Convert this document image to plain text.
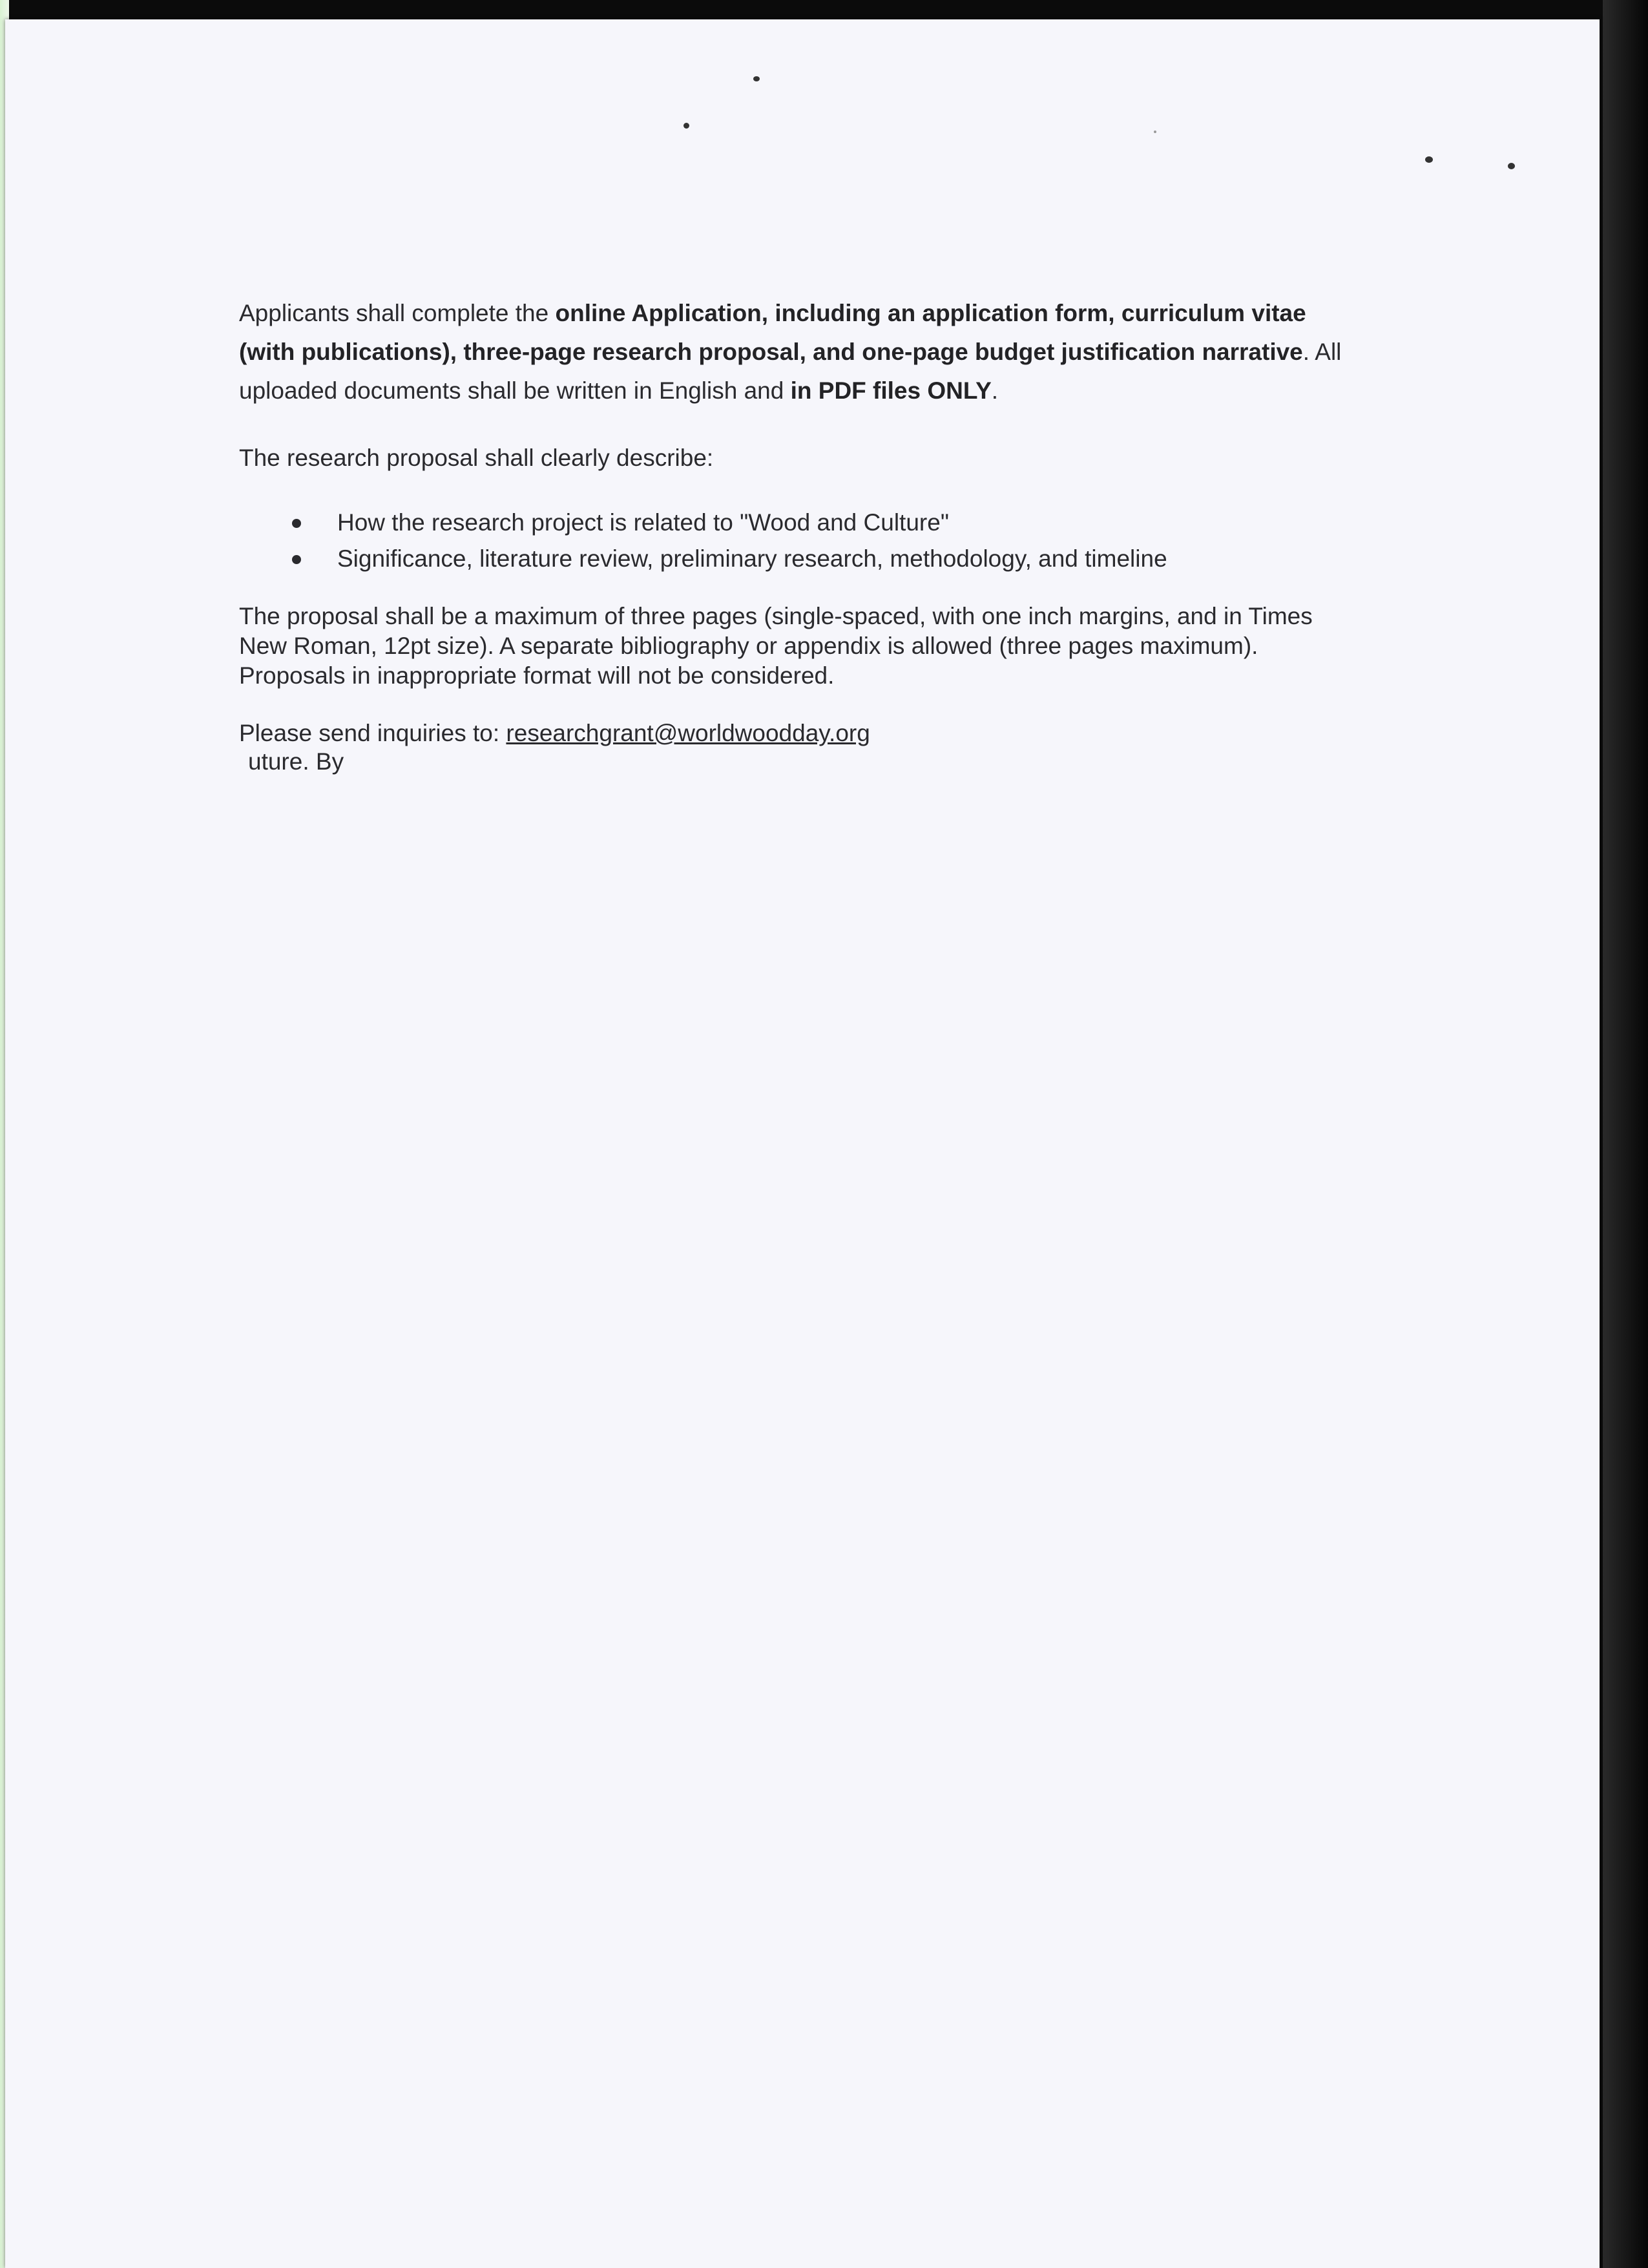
Applicants shall complete the online Application, including an application form, curriculum vitae (with publications), three-page research proposal, and one-page budget justification narrative. All uploaded documents shall be written in English and in PDF files ONLY.

The research proposal shall clearly describe:

How the research project is related to "Wood and Culture"
Significance, literature review, preliminary research, methodology, and timeline

The proposal shall be a maximum of three pages (single-spaced, with one inch margins, and in Times New Roman, 12pt size). A separate bibliography or appendix is allowed (three pages maximum). Proposals in inappropriate format will not be considered.

Please send inquiries to: researchgrant@worldwoodday.org

uture. By
